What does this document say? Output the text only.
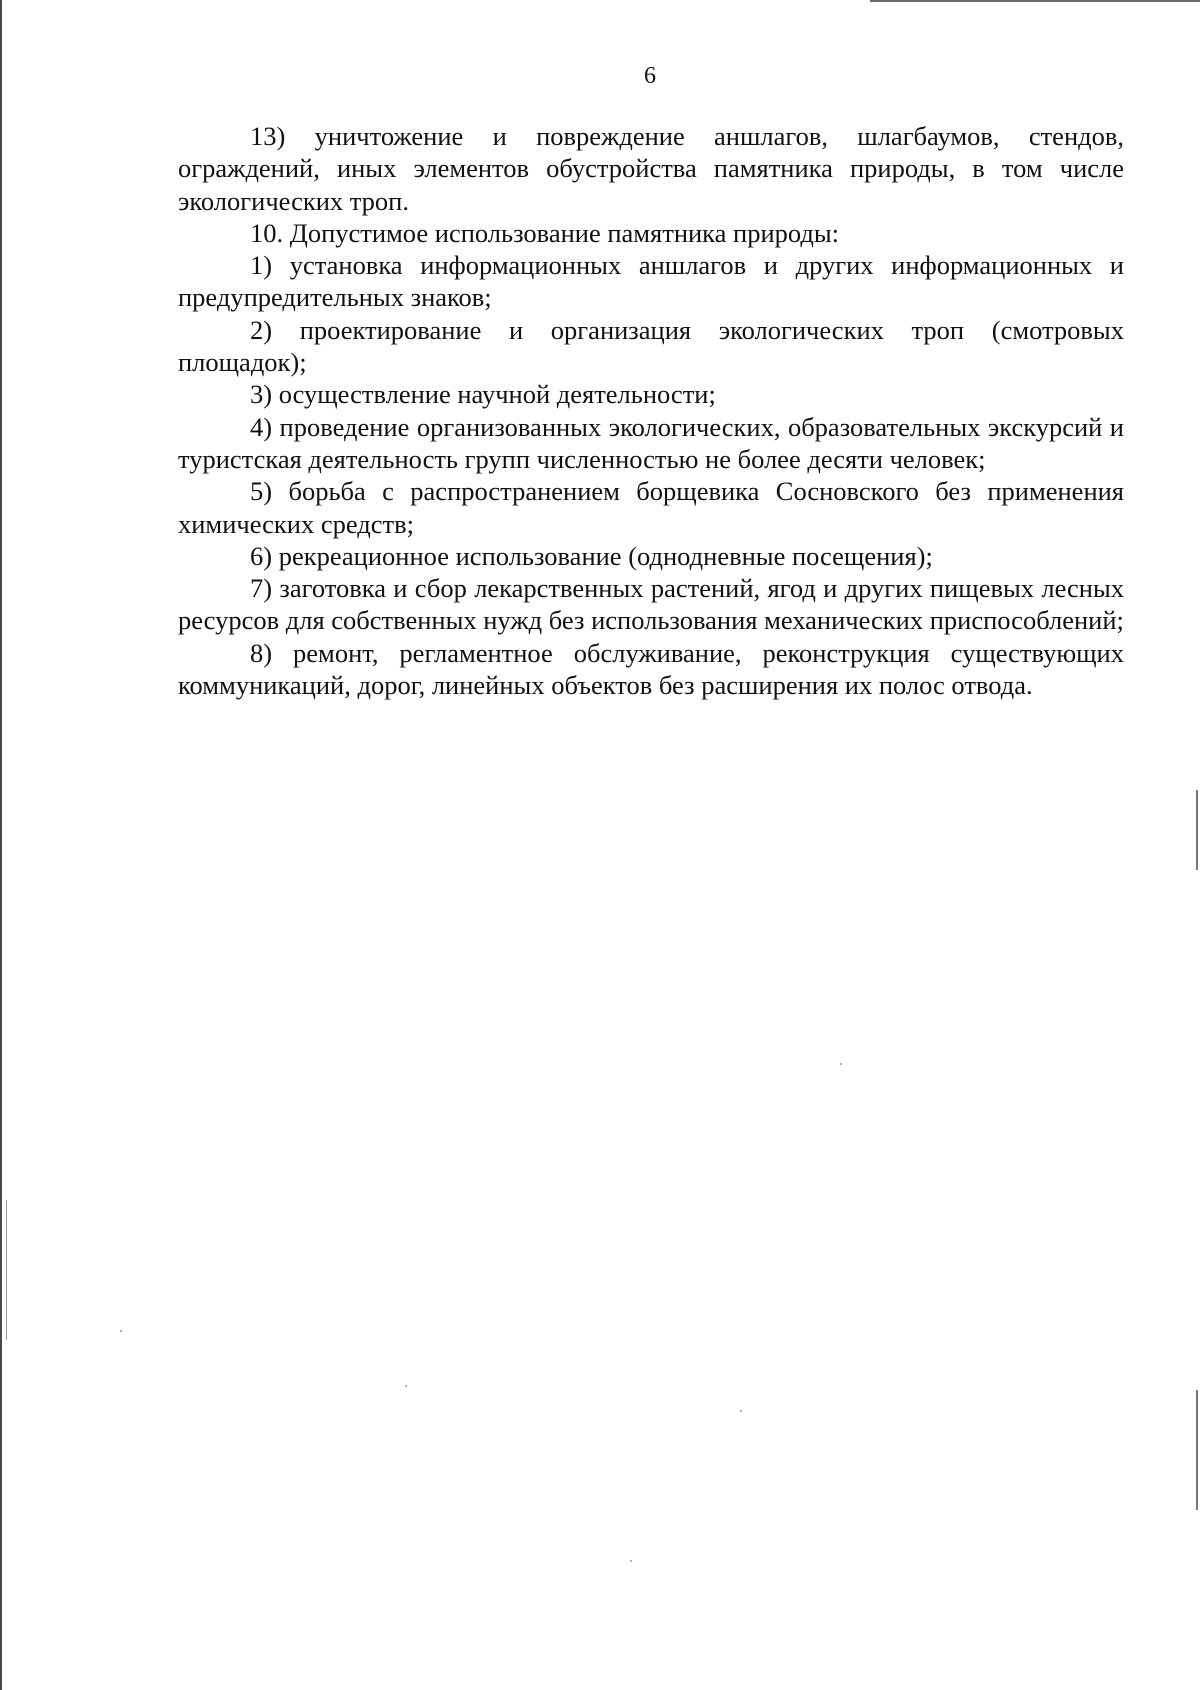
6

13) уничтожение и повреждение аншлагов, шлагбаумов, стендов, ограждений, иных элементов обустройства памятника природы, в том числе экологических троп.

10. Допустимое использование памятника природы:

1) установка информационных аншлагов и других информационных и предупредительных знаков;

2) проектирование и организация экологических троп (смотровых площадок);

3) осуществление научной деятельности;

4) проведение организованных экологических, образовательных экскурсий и туристская деятельность групп численностью не более десяти человек;

5) борьба с распространением борщевика Сосновского без применения химических средств;

6) рекреационное использование (однодневные посещения);

7) заготовка и сбор лекарственных растений, ягод и других пищевых лесных ресурсов для собственных нужд без использования механических приспособлений;

8) ремонт, регламентное обслуживание, реконструкция существующих коммуникаций, дорог, линейных объектов без расширения их полос отвода.
